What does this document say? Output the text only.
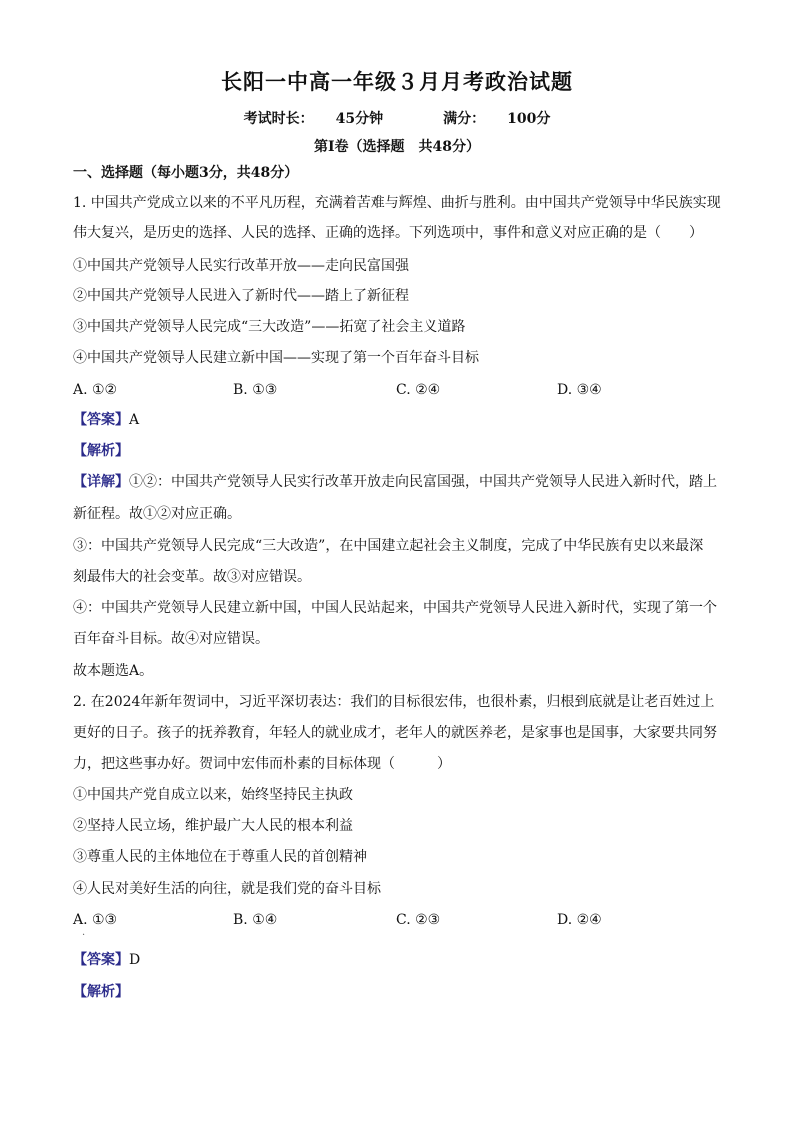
长阳一中高一年级３月月考政治试题
考试时长： 45分钟	满分： 100分
第Ⅰ卷（选择题　共48分）
一、选择题（每小题3分，共48分）
1. 中国共产党成立以来的不平凡历程，充满着苦难与辉煌、曲折与胜利。由中国共产党领导中华民族实现
伟大复兴，是历史的选择、人民的选择、正确的选择。下列选项中，事件和意义对应正确的是（　　）
①中国共产党领导人民实行改革开放——走向民富国强
②中国共产党领导人民进入了新时代——踏上了新征程
③中国共产党领导人民完成“三大改造”——拓宽了社会主义道路
④中国共产党领导人民建立新中国——实现了第一个百年奋斗目标
A. ①②	B. ①③	C. ②④	D. ③④
【答案】A
【解析】
【详解】①②：中国共产党领导人民实行改革开放走向民富国强，中国共产党领导人民进入新时代，踏上
新征程。故①②对应正确。
③：中国共产党领导人民完成“三大改造”，在中国建立起社会主义制度，完成了中华民族有史以来最深
刻最伟大的社会变革。故③对应错误。
④：中国共产党领导人民建立新中国，中国人民站起来，中国共产党领导人民进入新时代，实现了第一个
百年奋斗目标。故④对应错误。
故本题选A。
2. 在2024年新年贺词中，习近平深切表达：我们的目标很宏伟，也很朴素，归根到底就是让老百姓过上
更好的日子。孩子的抚养教育，年轻人的就业成才，老年人的就医养老，是家事也是国事，大家要共同努
力，把这些事办好。贺词中宏伟而朴素的目标体现（　　　）
①中国共产党自成立以来，始终坚持民主执政
②坚持人民立场，维护最广大人民的根本利益
③尊重人民的主体地位在于尊重人民的首创精神
④人民对美好生活的向往，就是我们党的奋斗目标
A. ①③	B. ①④	C. ②③	D. ②④
·
【答案】D
【解析】
